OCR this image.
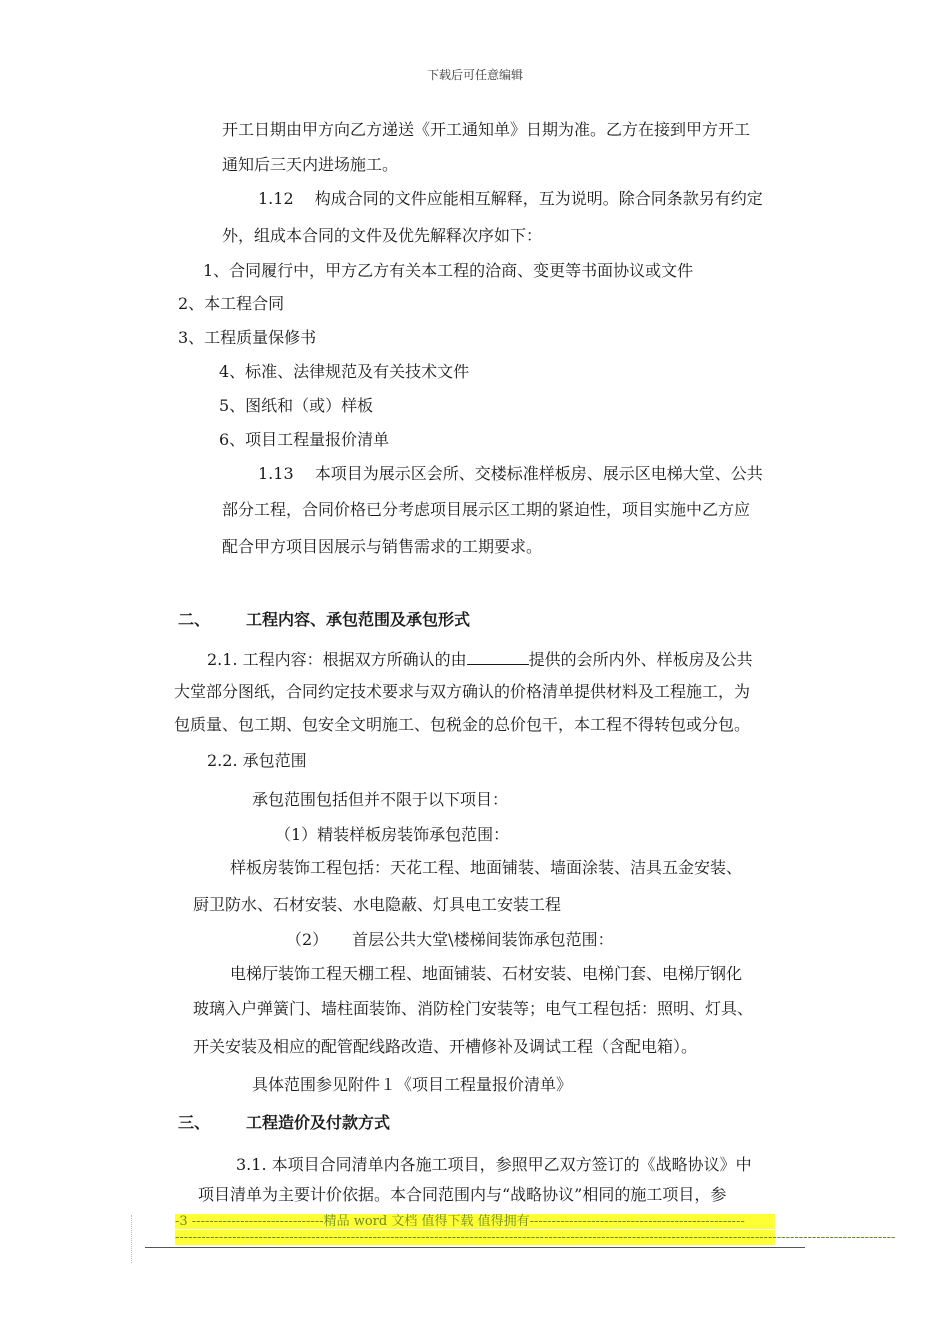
下载后可任意编辑
开工日期由甲方向乙方递送《开工通知单》日期为准。乙方在接到甲方开工
通知后三天内进场施工。
1.12　 构成合同的文件应能相互解释，互为说明。除合同条款另有约定
外，组成本合同的文件及优先解释次序如下：
1、合同履行中，甲方乙方有关本工程的洽商、变更等书面协议或文件
2、本工程合同
3、工程质量保修书
4、标准、法律规范及有关技术文件
5、图纸和（或）样板
6、项目工程量报价清单
1.13　 本项目为展示区会所、交楼标准样板房、展示区电梯大堂、公共
部分工程，合同价格已分考虑项目展示区工期的紧迫性，项目实施中乙方应
配合甲方项目因展示与销售需求的工期要求。
二、 工程内容、承包范围及承包形式
2.1. 工程内容：根据双方所确认的由	提供的会所内外、样板房及公共
大堂部分图纸，合同约定技术要求与双方确认的价格清单提供材料及工程施工，为
包质量、包工期、包安全文明施工、包税金的总价包干，本工程不得转包或分包。
2.2. 承包范围
承包范围包括但并不限于以下项目：
（1）精装样板房装饰承包范围：
样板房装饰工程包括：天花工程、地面铺装、墙面涂装、洁具五金安装、
厨卫防水、石材安装、水电隐蔽、灯具电工安装工程
（2）　　首层公共大堂\楼梯间装饰承包范围：
电梯厅装饰工程天棚工程、地面铺装、石材安装、电梯门套、电梯厅钢化
玻璃入户弹簧门、墙柱面装饰、消防栓门安装等；电气工程包括：照明、灯具、
开关安装及相应的配管配线路改造、开槽修补及调试工程（含配电箱）。
具体范围参见附件１《项目工程量报价清单》
三、 工程造价及付款方式
3.1. 本项目合同清单内各施工项目，参照甲乙双方签订的《战略协议》中
项目清单为主要计价依据。本合同范围内与“战略协议”相同的施工项目，参
-3 ------------------------------精品 word 文档 值得下载 值得拥有-------------------------------------------------
--------------------------------------------------------------------------------------------------------------------------------------------------------------------
